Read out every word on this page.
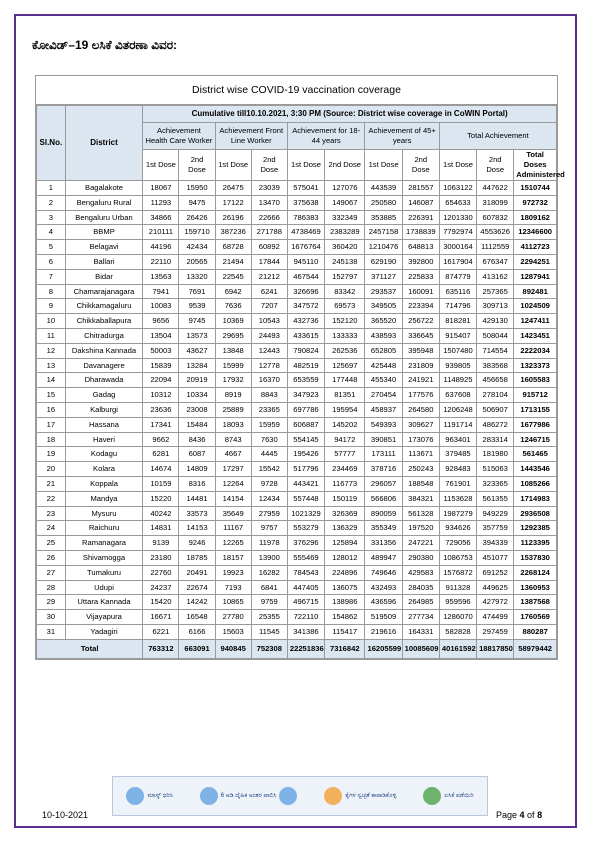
ಕೋವಿಡ್–19 ಲಸಿಕೆ ವಿತರಣಾ ವಿವರ:
District wise COVID-19 vaccination coverage
Sl.No.	District	Cumulative till10.10.2021, 3:30 PM (Source: District wise coverage in CoWIN Portal)										
		Achievement Health Care Worker		Achievement Front Line Worker		Achievement for 18-44 years		Achievement of 45+ years		Total Achievement		
		1st Dose	2nd Dose	1st Dose	2nd Dose	1st Dose	2nd Dose	1st Dose	2nd Dose	1st Dose	2nd Dose	Total Doses Administered
1	Bagalakote	18067	15950	26475	23039	575041	127076	443539	281557	1063122	447622	1510744
2	Bengaluru Rural	11293	9475	17122	13470	375638	149067	250580	146087	654633	318099	972732
3	Bengaluru Urban	34866	26426	26196	22666	786383	332349	353885	226391	1201330	607832	1809162
4	BBMP	210111	159710	387236	271788	4738469	2383289	2457158	1738839	7792974	4553626	12346600
5	Belagavi	44196	42434	68728	60892	1676764	360420	1210476	648813	3000164	1112559	4112723
6	Ballari	22110	20565	21494	17844	945110	245138	629190	392800	1617904	676347	2294251
7	Bidar	13563	13320	22545	21212	467544	152797	371127	225833	874779	413162	1287941
8	Chamarajanagara	7941	7691	6942	6241	326696	83342	293537	160091	635116	257365	892481
9	Chikkamagaluru	10083	9539	7636	7207	347572	69573	349505	223394	714796	309713	1024509
10	Chikkaballapura	9656	9745	10369	10543	432736	152120	365520	256722	818281	429130	1247411
11	Chitradurga	13504	13573	29695	24493	433615	133333	438593	336645	915407	508044	1423451
12	Dakshina Kannada	50003	43627	13848	12443	790824	262536	652805	395948	1507480	714554	2222034
13	Davanagere	15839	13284	15999	12778	482519	125697	425448	231809	939805	383568	1323373
14	Dharawada	22094	20919	17932	16370	653559	177448	455340	241921	1148925	456658	1605583
15	Gadag	10312	10334	8919	8843	347923	81351	270454	177576	637608	278104	915712
16	Kalburgi	23636	23008	25889	23365	697786	195954	458937	264580	1206248	506907	1713155
17	Hassana	17341	15484	18093	15959	606887	145202	549393	309627	1191714	486272	1677986
18	Haveri	9662	8436	8743	7630	554145	94172	390851	173076	963401	283314	1246715
19	Kodagu	6281	6087	4667	4445	195426	57777	173111	113671	379485	181980	561465
20	Kolara	14674	14809	17297	15542	517796	234469	378716	250243	928483	515063	1443546
21	Koppala	10159	8316	12264	9728	443421	116773	296057	188548	761901	323365	1085266
22	Mandya	15220	14481	14154	12434	557448	150119	566806	384321	1153628	561355	1714983
23	Mysuru	40242	33573	35649	27959	1021329	326369	890059	561328	1987279	949229	2936508
24	Raichuru	14831	14153	11167	9757	553279	136329	355349	197520	934626	357759	1292385
25	Ramanagara	9139	9246	12265	11978	376296	125894	331356	247221	729056	394339	1123395
26	Shivamogga	23180	18785	18157	13900	555469	128012	489947	290380	1086753	451077	1537830
27	Tumakuru	22760	20491	19923	16282	784543	224896	749646	429583	1576872	691252	2268124
28	Udupi	24237	22674	7193	6841	447405	136075	432493	284035	911328	449625	1360953
29	Uttara Kannada	15420	14242	10865	9759	496715	138986	436596	264985	959596	427972	1387568
30	Vijayapura	16671	16548	27780	25355	722110	154862	519509	277734	1286070	474499	1760569
31	Yadagiri	6221	6166	15603	11545	341386	115417	219616	164331	582828	297459	880287
Total		763312	663091	940845	752308	22251836	7316842	16205599	10085609	40161592	18817850	58979442
ಮಾಸ್ಕ್ ಧರಿಸಿ	6 ಅಡಿ ದೈಹಿಕ ಅಂತರ ಪಾಲಿಸಿ	ಕೈಗಳ ಸ್ವಚ್ಛತೆ ಕಾಪಾಡಿಕೊಳ್ಳಿ	ಲಸಿಕೆ ಪಡೆಯಿರಿ
10-10-2021	Page 4 of 8
